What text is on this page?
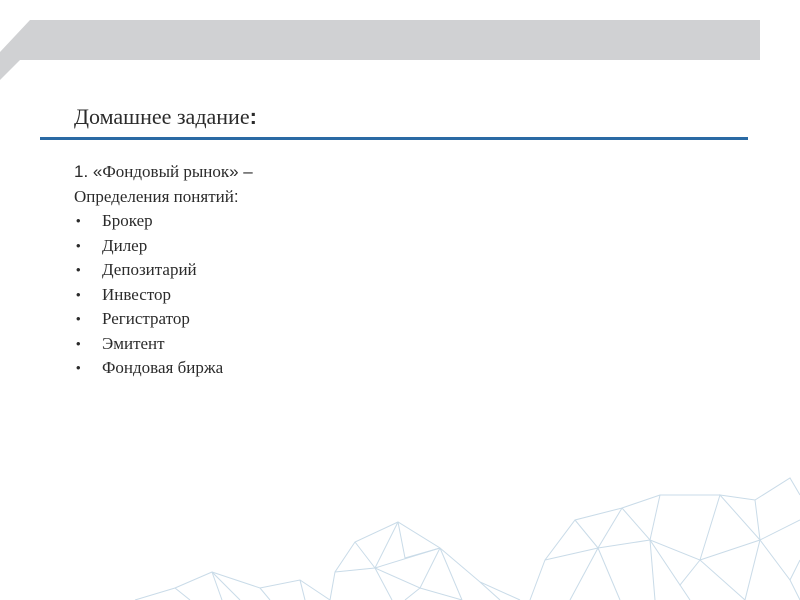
Домашнее задание:
1. «Фондовый рынок» –
Определения понятий:
• Брокер
• Дилер
• Депозитарий
• Инвестор
• Регистратор
• Эмитент
• Фондовая биржа
